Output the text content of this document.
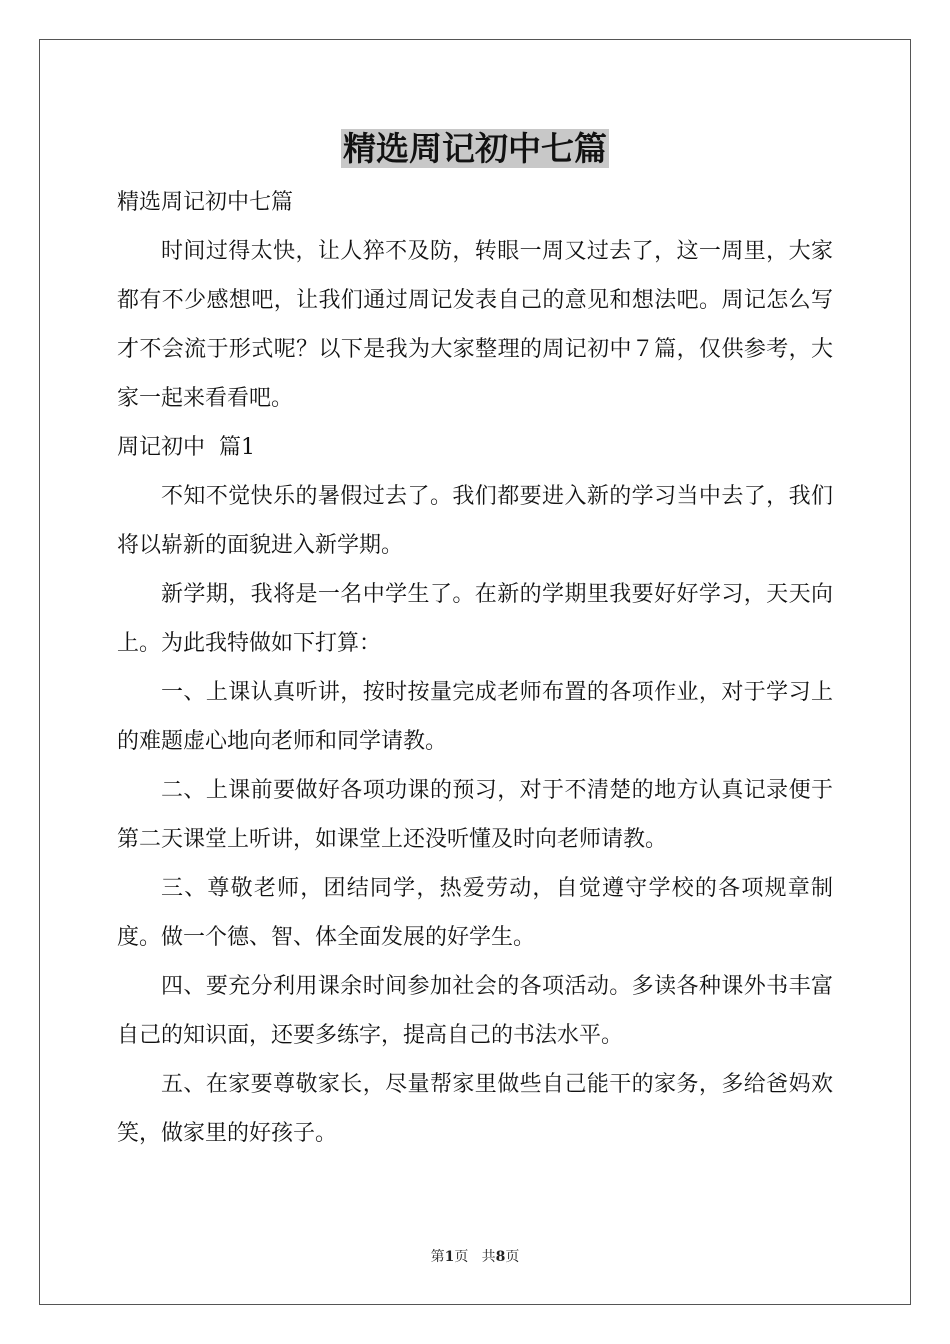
精选周记初中七篇

精选周记初中七篇

时间过得太快，让人猝不及防，转眼一周又过去了，这一周里，大家都有不少感想吧，让我们通过周记发表自己的意见和想法吧。周记怎么写才不会流于形式呢？以下是我为大家整理的周记初中７篇，仅供参考，大家一起来看看吧。

周记初中  篇1

不知不觉快乐的暑假过去了。我们都要进入新的学习当中去了，我们将以崭新的面貌进入新学期。

新学期，我将是一名中学生了。在新的学期里我要好好学习，天天向上。为此我特做如下打算：

一、上课认真听讲，按时按量完成老师布置的各项作业，对于学习上的难题虚心地向老师和同学请教。

二、上课前要做好各项功课的预习，对于不清楚的地方认真记录便于第二天课堂上听讲，如课堂上还没听懂及时向老师请教。

三、尊敬老师，团结同学，热爱劳动，自觉遵守学校的各项规章制度。做一个德、智、体全面发展的好学生。

四、要充分利用课余时间参加社会的各项活动。多读各种课外书丰富自己的知识面，还要多练字，提高自己的书法水平。

五、在家要尊敬家长，尽量帮家里做些自己能干的家务，多给爸妈欢笑，做家里的好孩子。

第1页 共8页
